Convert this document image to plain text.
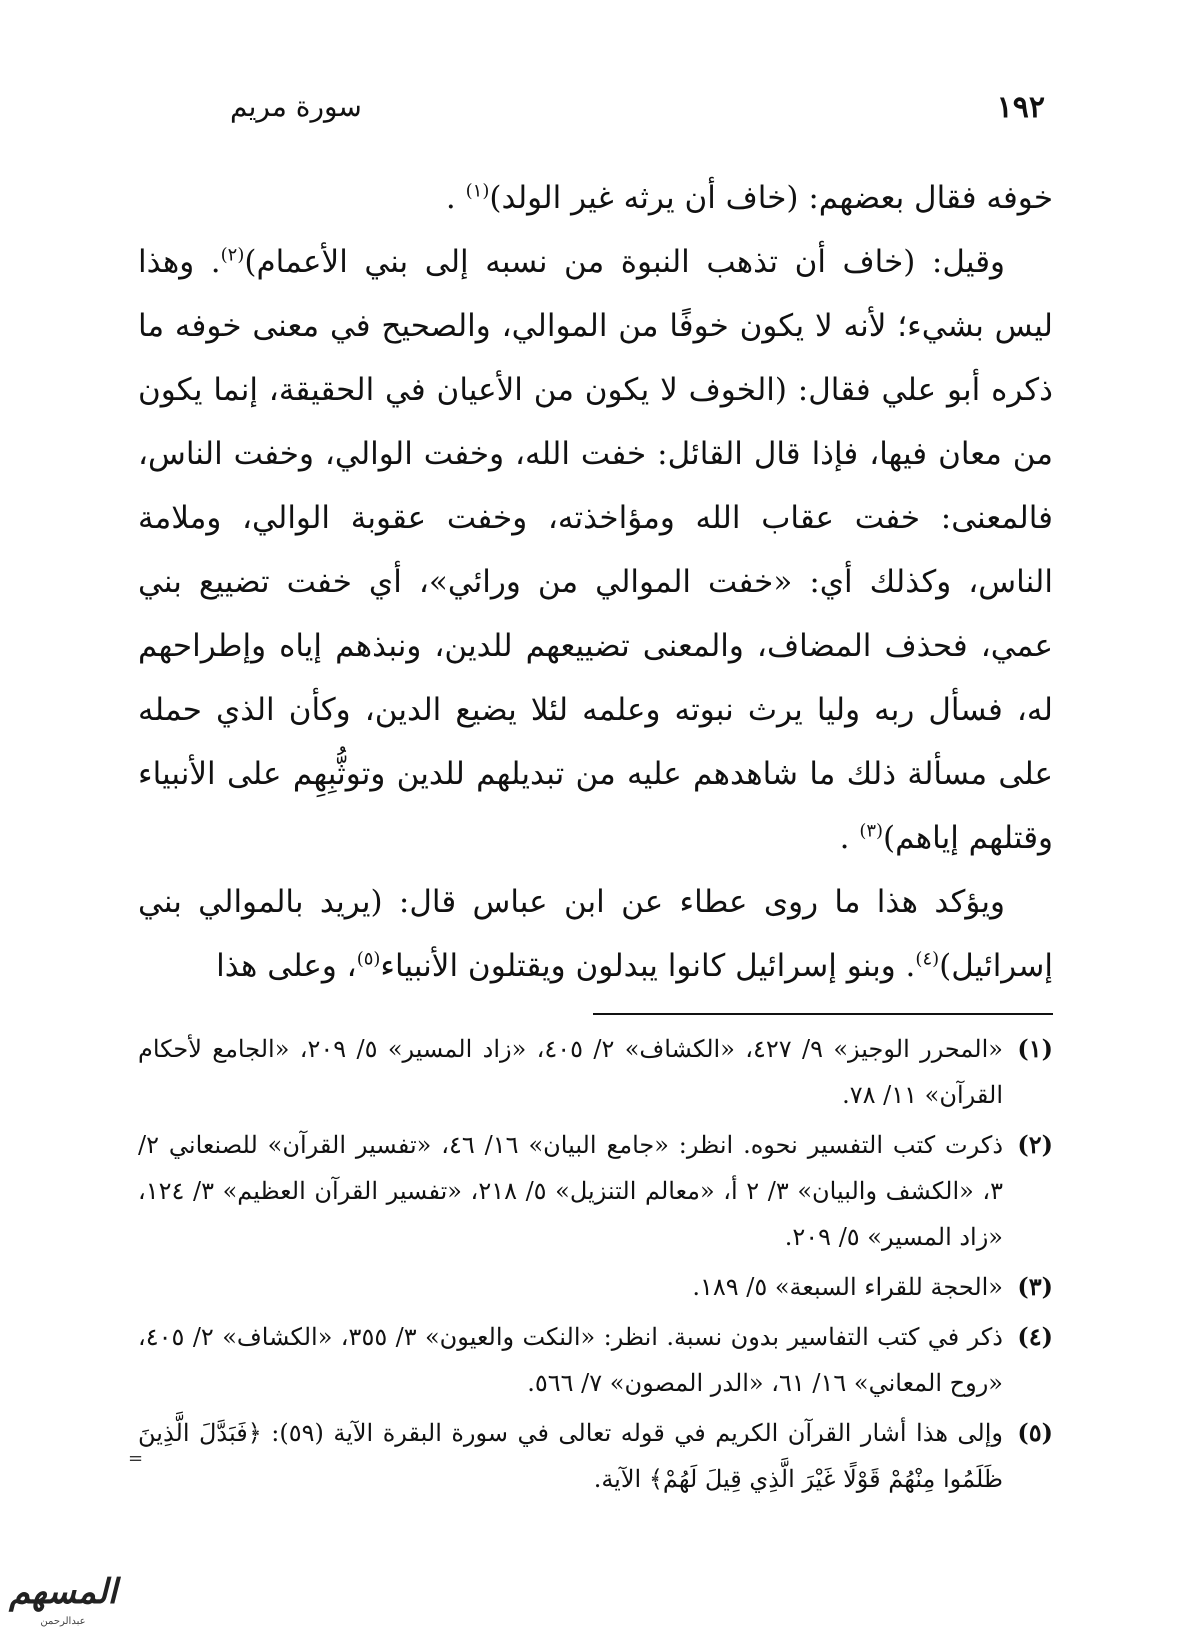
١٩٢
سورة مريم

خوفه فقال بعضهم: (خاف أن يرثه غير الولد)$^{(١)}$ .

وقيل: (خاف أن تذهب النبوة من نسبه إلى بني الأعمام)$^{(٢)}$. وهذا ليس بشيء؛ لأنه لا يكون خوفًا من الموالي، والصحيح في معنى خوفه ما ذكره أبو علي فقال: (الخوف لا يكون من الأعيان في الحقيقة، إنما يكون من معان فيها، فإذا قال القائل: خفت الله، وخفت الوالي، وخفت الناس، فالمعنى: خفت عقاب الله ومؤاخذته، وخفت عقوبة الوالي، وملامة الناس، وكذلك أي: «خفت الموالي من ورائي»، أي خفت تضييع بني عمي، فحذف المضاف، والمعنى تضييعهم للدين، ونبذهم إياه وإطراحهم له، فسأل ربه وليا يرث نبوته وعلمه لئلا يضيع الدين، وكأن الذي حمله على مسألة ذلك ما شاهدهم عليه من تبديلهم للدين وتوثُّبِهِم على الأنبياء وقتلهم إياهم)$^{(٣)}$ .

ويؤكد هذا ما روى عطاء عن ابن عباس قال: (يريد بالموالي بني إسرائيل)$^{(٤)}$. وبنو إسرائيل كانوا يبدلون ويقتلون الأنبياء$^{(٥)}$، وعلى هذا

(١)
«المحرر الوجيز» ٩/ ٤٢٧، «الكشاف» ٢/ ٤٠٥، «زاد المسير» ٥/ ٢٠٩، «الجامع لأحكام القرآن» ١١/ ٧٨.
(٢)
ذكرت كتب التفسير نحوه. انظر: «جامع البيان» ١٦/ ٤٦، «تفسير القرآن» للصنعاني ٢/ ٣، «الكشف والبيان» ٣/ ٢ أ، «معالم التنزيل» ٥/ ٢١٨، «تفسير القرآن العظيم» ٣/ ١٢٤، «زاد المسير» ٥/ ٢٠٩.
(٣)
«الحجة للقراء السبعة» ٥/ ١٨٩.
(٤)
ذكر في كتب التفاسير بدون نسبة. انظر: «النكت والعيون» ٣/ ٣٥٥، «الكشاف» ٢/ ٤٠٥، «روح المعاني» ١٦/ ٦١، «الدر المصون» ٧/ ٥٦٦.
(٥)
وإلى هذا أشار القرآن الكريم في قوله تعالى في سورة البقرة الآية (٥٩): ﴿فَبَدَّلَ الَّذِينَ ظَلَمُوا مِنْهُمْ قَوْلًا غَيْرَ الَّذِي قِيلَ لَهُمْ﴾ الآية.
=
المسهم
عبدالرحمن
